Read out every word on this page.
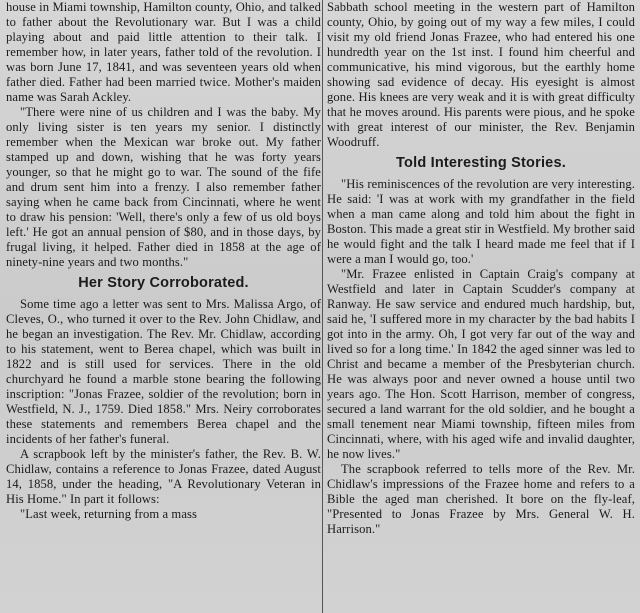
house in Miami township, Hamilton county, Ohio, and talked to father about the Revolutionary war. But I was a child playing about and paid little attention to their talk. I remember how, in later years, father told of the revolution. I was born June 17, 1841, and was seventeen years old when father died. Father had been married twice. Mother's maiden name was Sarah Ackley.

"There were nine of us children and I was the baby. My only living sister is ten years my senior. I distinctly remember when the Mexican war broke out. My father stamped up and down, wishing that he was forty years younger, so that he might go to war. The sound of the fife and drum sent him into a frenzy. I also remember father saying when he came back from Cincinnati, where he went to draw his pension: 'Well, there's only a few of us old boys left.' He got an annual pension of $80, and in those days, by frugal living, it helped. Father died in 1858 at the age of ninety-nine years and two months."

Her Story Corroborated.

Some time ago a letter was sent to Mrs. Malissa Argo, of Cleves, O., who turned it over to the Rev. John Chidlaw, and he began an investigation. The Rev. Mr. Chidlaw, according to his statement, went to Berea chapel, which was built in 1822 and is still used for services. There in the old churchyard he found a marble stone bearing the following inscription: "Jonas Frazee, soldier of the revolution; born in Westfield, N. J., 1759. Died 1858." Mrs. Neiry corroborates these statements and remembers Berea chapel and the incidents of her father's funeral.

A scrapbook left by the minister's father, the Rev. B. W. Chidlaw, contains a reference to Jonas Frazee, dated August 14, 1858, under the heading, "A Revolutionary Veteran in His Home." In part it follows:

"Last week, returning from a mass

Sabbath school meeting in the western part of Hamilton county, Ohio, by going out of my way a few miles, I could visit my old friend Jonas Frazee, who had entered his one hundredth year on the 1st inst. I found him cheerful and communicative, his mind vigorous, but the earthly home showing sad evidence of decay. His eyesight is almost gone. His knees are very weak and it is with great difficulty that he moves around. His parents were pious, and he spoke with great interest of our minister, the Rev. Benjamin Woodruff.

Told Interesting Stories.

"His reminiscences of the revolution are very interesting. He said: 'I was at work with my grandfather in the field when a man came along and told him about the fight in Boston. This made a great stir in Westfield. My brother said he would fight and the talk I heard made me feel that if I were a man I would go, too.'

"Mr. Frazee enlisted in Captain Craig's company at Westfield and later in Captain Scudder's company at Ranway. He saw service and endured much hardship, but, said he, 'I suffered more in my character by the bad habits I got into in the army. Oh, I got very far out of the way and lived so for a long time.' In 1842 the aged sinner was led to Christ and became a member of the Presbyterian church. He was always poor and never owned a house until two years ago. The Hon. Scott Harrison, member of congress, secured a land warrant for the old soldier, and he bought a small tenement near Miami township, fifteen miles from Cincinnati, where, with his aged wife and invalid daughter, he now lives."

The scrapbook referred to tells more of the Rev. Mr. Chidlaw's impressions of the Frazee home and refers to a Bible the aged man cherished. It bore on the fly-leaf, "Presented to Jonas Frazee by Mrs. General W. H. Harrison."
